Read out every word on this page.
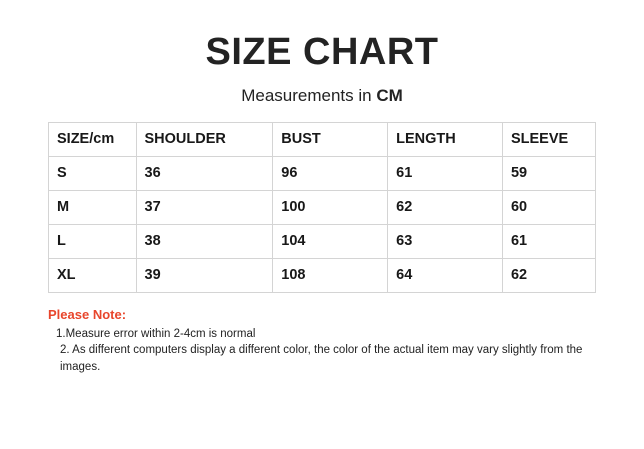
SIZE CHART
Measurements in CM
SIZE/cm	SHOULDER	BUST	LENGTH	SLEEVE
S	36	96	61	59
M	37	100	62	60
L	38	104	63	61
XL	39	108	64	62
Please Note:
1.Measure error within 2-4cm is normal
2. As different computers display a different color, the color of the actual item may vary slightly from the images.
